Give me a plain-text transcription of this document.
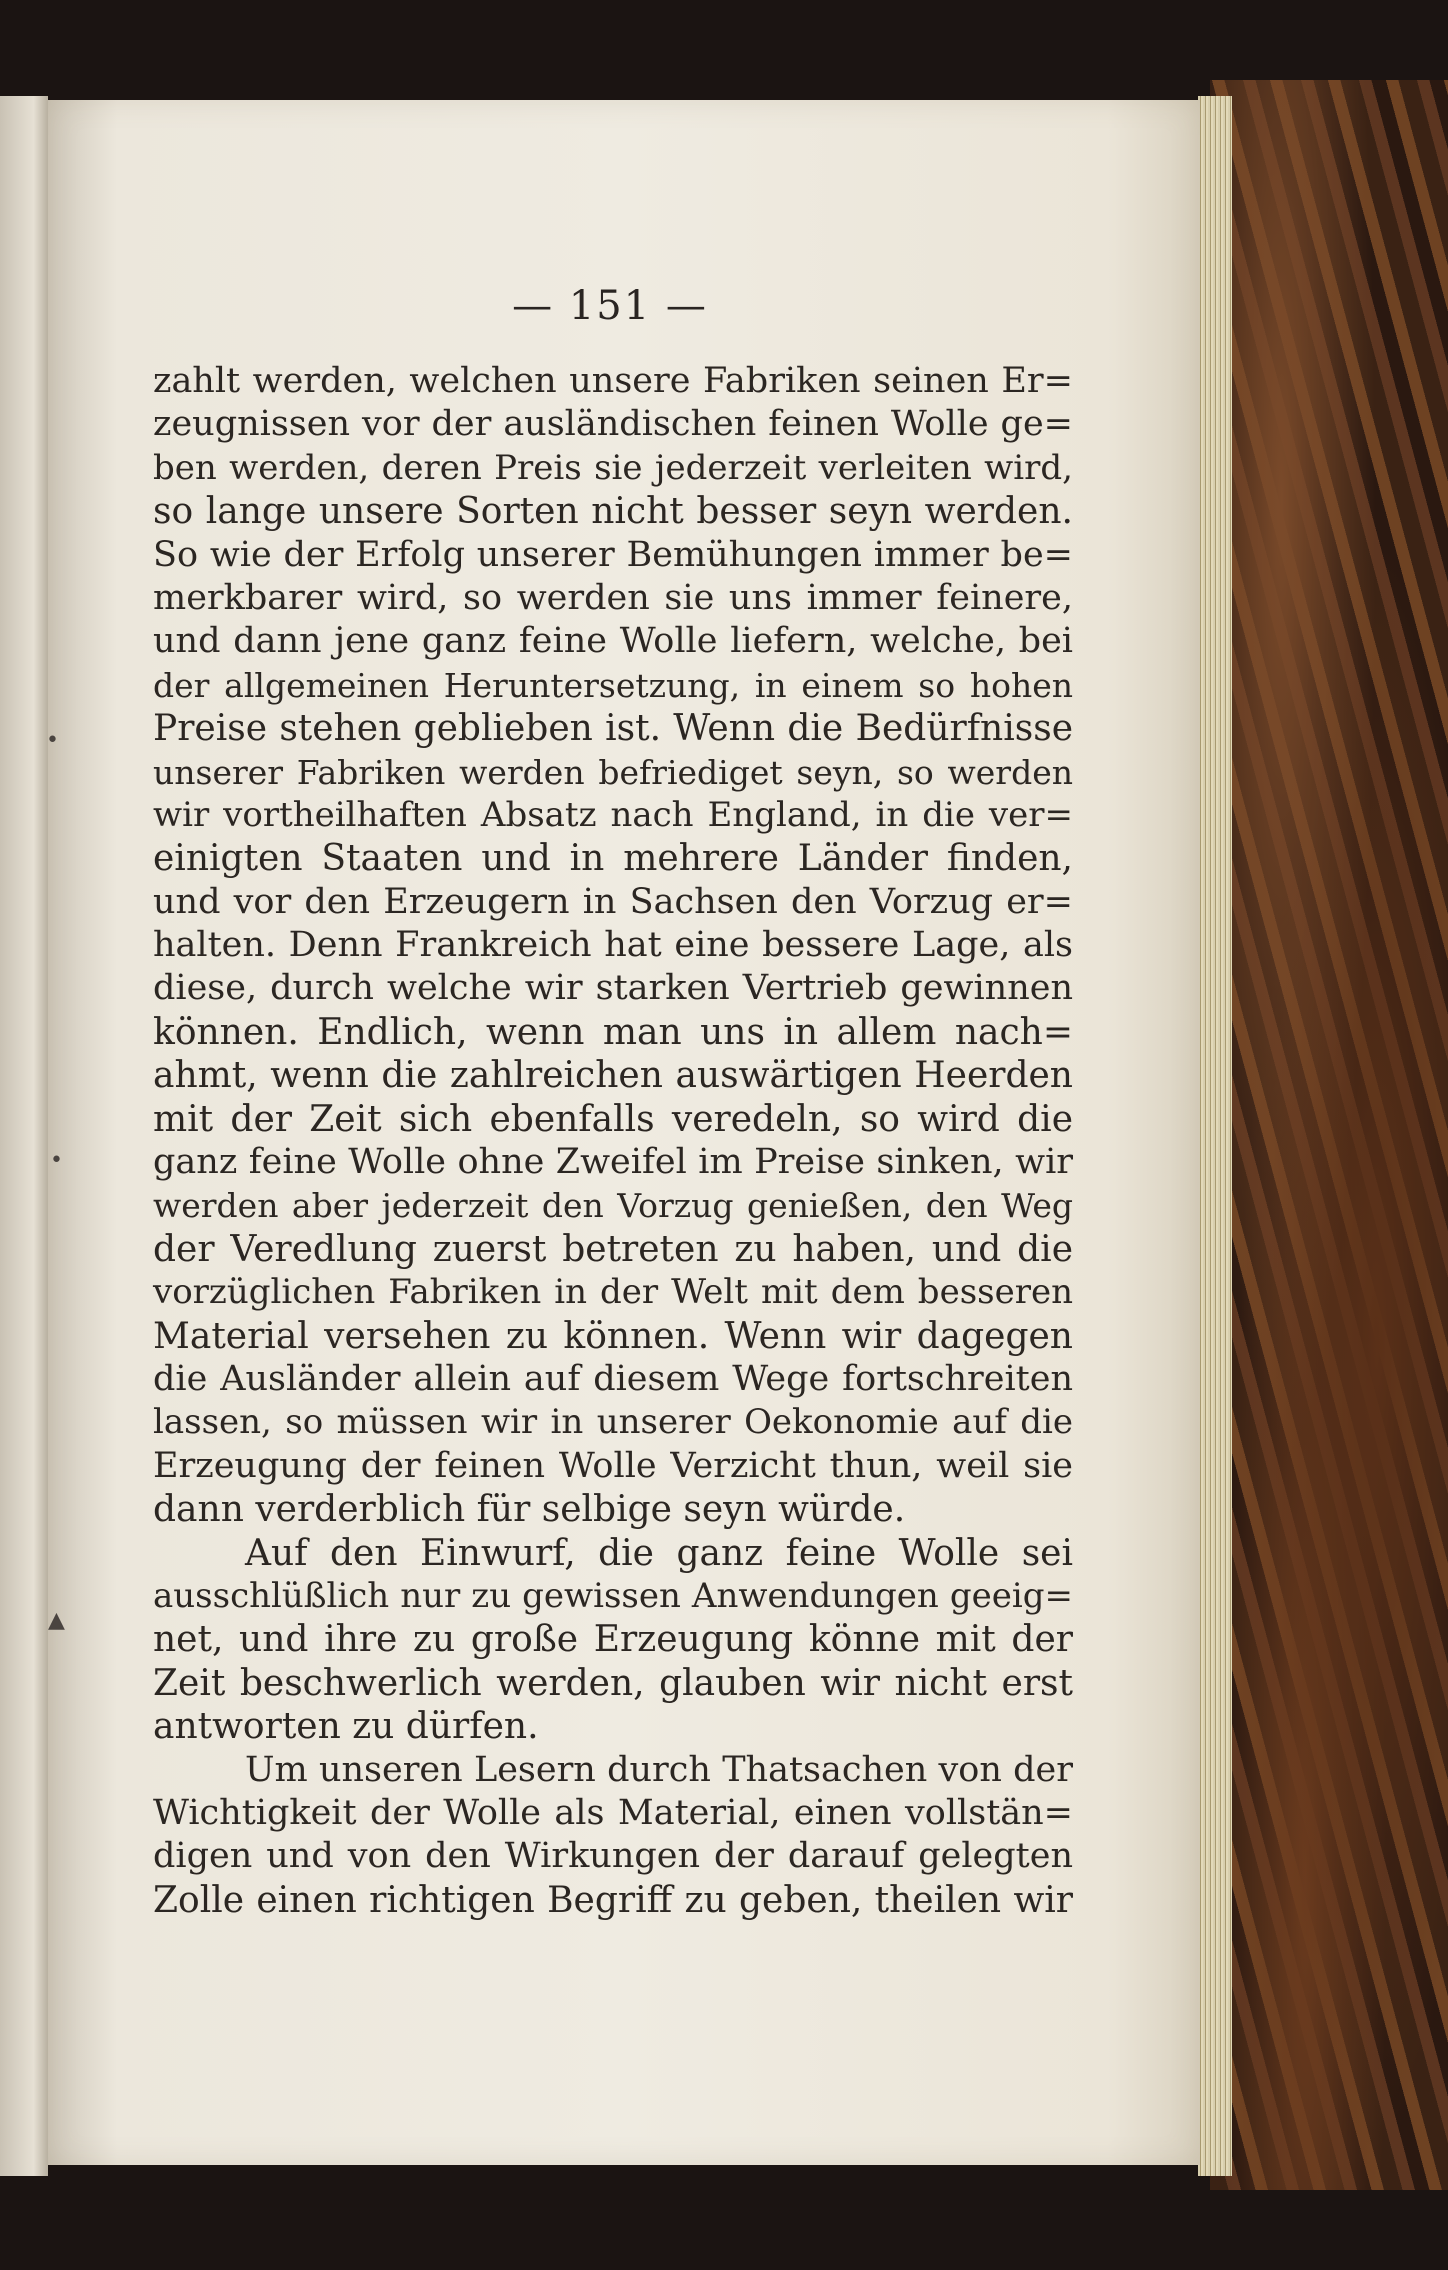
— 151 —
zahlt werden, welchen unsere Fabriken seinen Er=
zeugnissen vor der ausländischen feinen Wolle ge=
ben werden, deren Preis sie jederzeit verleiten wird,
so lange unsere Sorten nicht besser seyn werden.
So wie der Erfolg unserer Bemühungen immer be=
merkbarer wird, so werden sie uns immer feinere,
und dann jene ganz feine Wolle liefern, welche, bei
der allgemeinen Heruntersetzung, in einem so hohen
Preise stehen geblieben ist. Wenn die Bedürfnisse
unserer Fabriken werden befriediget seyn, so werden
wir vortheilhaften Absatz nach England, in die ver=
einigten Staaten und in mehrere Länder finden,
und vor den Erzeugern in Sachsen den Vorzug er=
halten. Denn Frankreich hat eine bessere Lage, als
diese, durch welche wir starken Vertrieb gewinnen
können. Endlich, wenn man uns in allem nach=
ahmt, wenn die zahlreichen auswärtigen Heerden
mit der Zeit sich ebenfalls veredeln, so wird die
ganz feine Wolle ohne Zweifel im Preise sinken, wir
werden aber jederzeit den Vorzug genießen, den Weg
der Veredlung zuerst betreten zu haben, und die
vorzüglichen Fabriken in der Welt mit dem besseren
Material versehen zu können. Wenn wir dagegen
die Ausländer allein auf diesem Wege fortschreiten
lassen, so müssen wir in unserer Oekonomie auf die
Erzeugung der feinen Wolle Verzicht thun, weil sie
dann verderblich für selbige seyn würde.
Auf den Einwurf, die ganz feine Wolle sei
ausschlüßlich nur zu gewissen Anwendungen geeig=
net, und ihre zu große Erzeugung könne mit der
Zeit beschwerlich werden, glauben wir nicht erst
antworten zu dürfen.
Um unseren Lesern durch Thatsachen von der
Wichtigkeit der Wolle als Material, einen vollstän=
digen und von den Wirkungen der darauf gelegten
Zolle einen richtigen Begriff zu geben, theilen wir
•
•
▲
